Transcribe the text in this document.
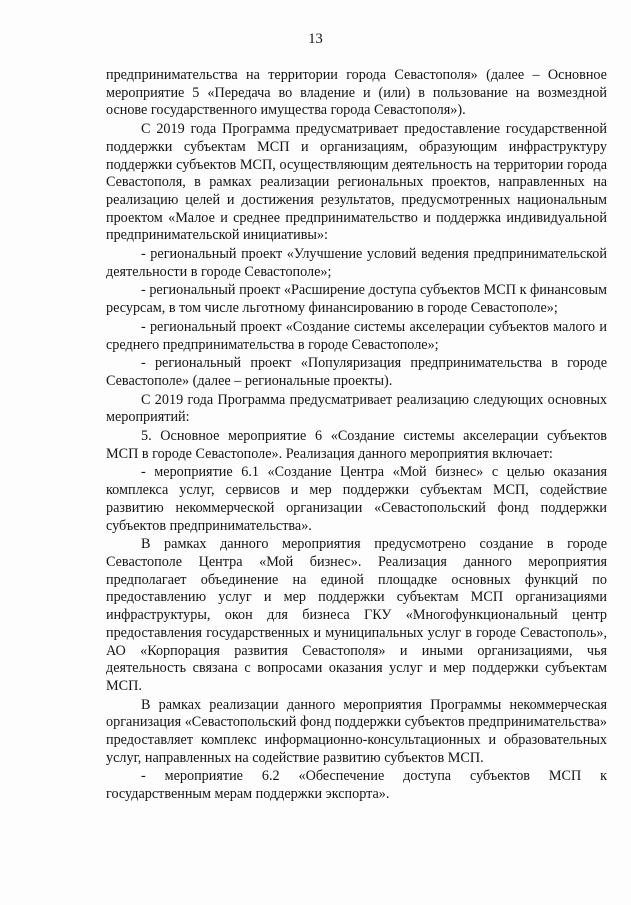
13

предпринимательства на территории города Севастополя» (далее – Основное мероприятие 5 «Передача во владение и (или) в пользование на возмездной основе государственного имущества города Севастополя»).

С 2019 года Программа предусматривает предоставление государственной поддержки субъектам МСП и организациям, образующим инфраструктуру поддержки субъектов МСП, осуществляющим деятельность на территории города Севастополя, в рамках реализации региональных проектов, направленных на реализацию целей и достижения результатов, предусмотренных национальным проектом «Малое и среднее предпринимательство и поддержка индивидуальной предпринимательской инициативы»:

- региональный проект «Улучшение условий ведения предпринимательской деятельности в городе Севастополе»;

- региональный проект «Расширение доступа субъектов МСП к финансовым ресурсам, в том числе льготному финансированию в городе Севастополе»;

- региональный проект «Создание системы акселерации субъектов малого и среднего предпринимательства в городе Севастополе»;

- региональный проект «Популяризация предпринимательства в городе Севастополе» (далее – региональные проекты).

С 2019 года Программа предусматривает реализацию следующих основных мероприятий:

5. Основное мероприятие 6 «Создание системы акселерации субъектов МСП в городе Севастополе». Реализация данного мероприятия включает:

- мероприятие 6.1 «Создание Центра «Мой бизнес» с целью оказания комплекса услуг, сервисов и мер поддержки субъектам МСП, содействие развитию некоммерческой организации «Севастопольский фонд поддержки субъектов предпринимательства».

В рамках данного мероприятия предусмотрено создание в городе Севастополе Центра «Мой бизнес». Реализация данного мероприятия предполагает объединение на единой площадке основных функций по предоставлению услуг и мер поддержки субъектам МСП организациями инфраструктуры, окон для бизнеса ГКУ «Многофункциональный центр предоставления государственных и муниципальных услуг в городе Севастополь», АО «Корпорация развития Севастополя» и иными организациями, чья деятельность связана с вопросами оказания услуг и мер поддержки субъектам МСП.

В рамках реализации данного мероприятия Программы некоммерческая организация «Севастопольский фонд поддержки субъектов предпринимательства» предоставляет комплекс информационно-консультационных и образовательных услуг, направленных на содействие развитию субъектов МСП.

- мероприятие 6.2 «Обеспечение доступа субъектов МСП к государственным мерам поддержки экспорта».
